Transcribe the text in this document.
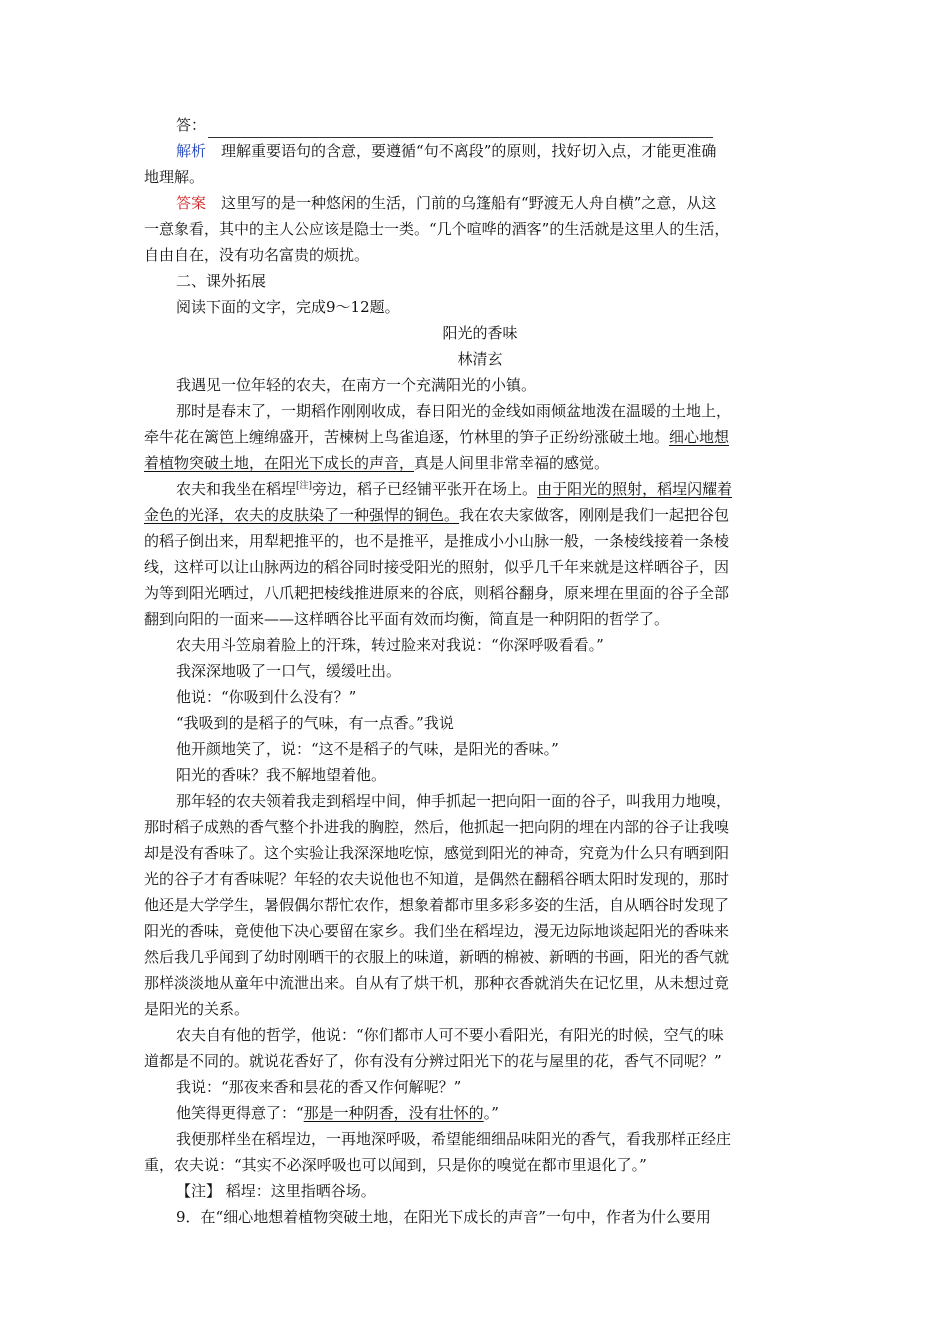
答：
解析　 理解重要语句的含意，要遵循“句不离段”的原则，找好切入点，才能更准确
地理解。
答案　 这里写的是一种悠闲的生活，门前的乌篷船有“野渡无人舟自横”之意，从这
一意象看，其中的主人公应该是隐士一类。“几个喧哗的酒客”的生活就是这里人的生活，
自由自在，没有功名富贵的烦扰。
二、课外拓展
阅读下面的文字，完成9～12题。
阳光的香味
林清玄
我遇见一位年轻的农夫，在南方一个充满阳光的小镇。
那时是春末了，一期稻作刚刚收成，春日阳光的金线如雨倾盆地泼在温暖的土地上，
牵牛花在篱笆上缠绵盛开，苦楝树上鸟雀追逐，竹林里的笋子正纷纷涨破土地。细心地想
着植物突破土地，在阳光下成长的声音，真是人间里非常幸福的感觉。
农夫和我坐在稻埕[注]旁边，稻子已经铺平张开在场上。由于阳光的照射，稻埕闪耀着
金色的光泽，农夫的皮肤染了一种强悍的铜色。我在农夫家做客，刚刚是我们一起把谷包
的稻子倒出来，用犁耙推平的，也不是推平，是推成小小山脉一般，一条棱线接着一条棱
线，这样可以让山脉两边的稻谷同时接受阳光的照射，似乎几千年来就是这样晒谷子，因
为等到阳光晒过，八爪耙把棱线推进原来的谷底，则稻谷翻身，原来埋在里面的谷子全部
翻到向阳的一面来——这样晒谷比平面有效而均衡，简直是一种阴阳的哲学了。
农夫用斗笠扇着脸上的汗珠，转过脸来对我说：“你深呼吸看看。”
我深深地吸了一口气，缓缓吐出。
他说：“你吸到什么没有？”
“我吸到的是稻子的气味，有一点香。”我说
他开颜地笑了，说：“这不是稻子的气味，是阳光的香味。”
阳光的香味？我不解地望着他。
那年轻的农夫领着我走到稻埕中间，伸手抓起一把向阳一面的谷子，叫我用力地嗅，
那时稻子成熟的香气整个扑进我的胸腔，然后，他抓起一把向阴的埋在内部的谷子让我嗅
却是没有香味了。这个实验让我深深地吃惊，感觉到阳光的神奇，究竟为什么只有晒到阳
光的谷子才有香味呢？年轻的农夫说他也不知道，是偶然在翻稻谷晒太阳时发现的，那时
他还是大学学生，暑假偶尔帮忙农作，想象着都市里多彩多姿的生活，自从晒谷时发现了
阳光的香味，竟使他下决心要留在家乡。我们坐在稻埕边，漫无边际地谈起阳光的香味来
然后我几乎闻到了幼时刚晒干的衣服上的味道，新晒的棉被、新晒的书画，阳光的香气就
那样淡淡地从童年中流泄出来。自从有了烘干机，那种衣香就消失在记忆里，从未想过竟
是阳光的关系。
农夫自有他的哲学，他说：“你们都市人可不要小看阳光，有阳光的时候，空气的味
道都是不同的。就说花香好了，你有没有分辨过阳光下的花与屋里的花，香气不同呢？”
我说：“那夜来香和昙花的香又作何解呢？”
他笑得更得意了：“那是一种阴香，没有壮怀的。”
我便那样坐在稻埕边，一再地深呼吸，希望能细细品味阳光的香气，看我那样正经庄
重，农夫说：“其实不必深呼吸也可以闻到，只是你的嗅觉在都市里退化了。”
【注】 稻埕：这里指晒谷场。
9．在“细心地想着植物突破土地，在阳光下成长的声音”一句中，作者为什么要用
